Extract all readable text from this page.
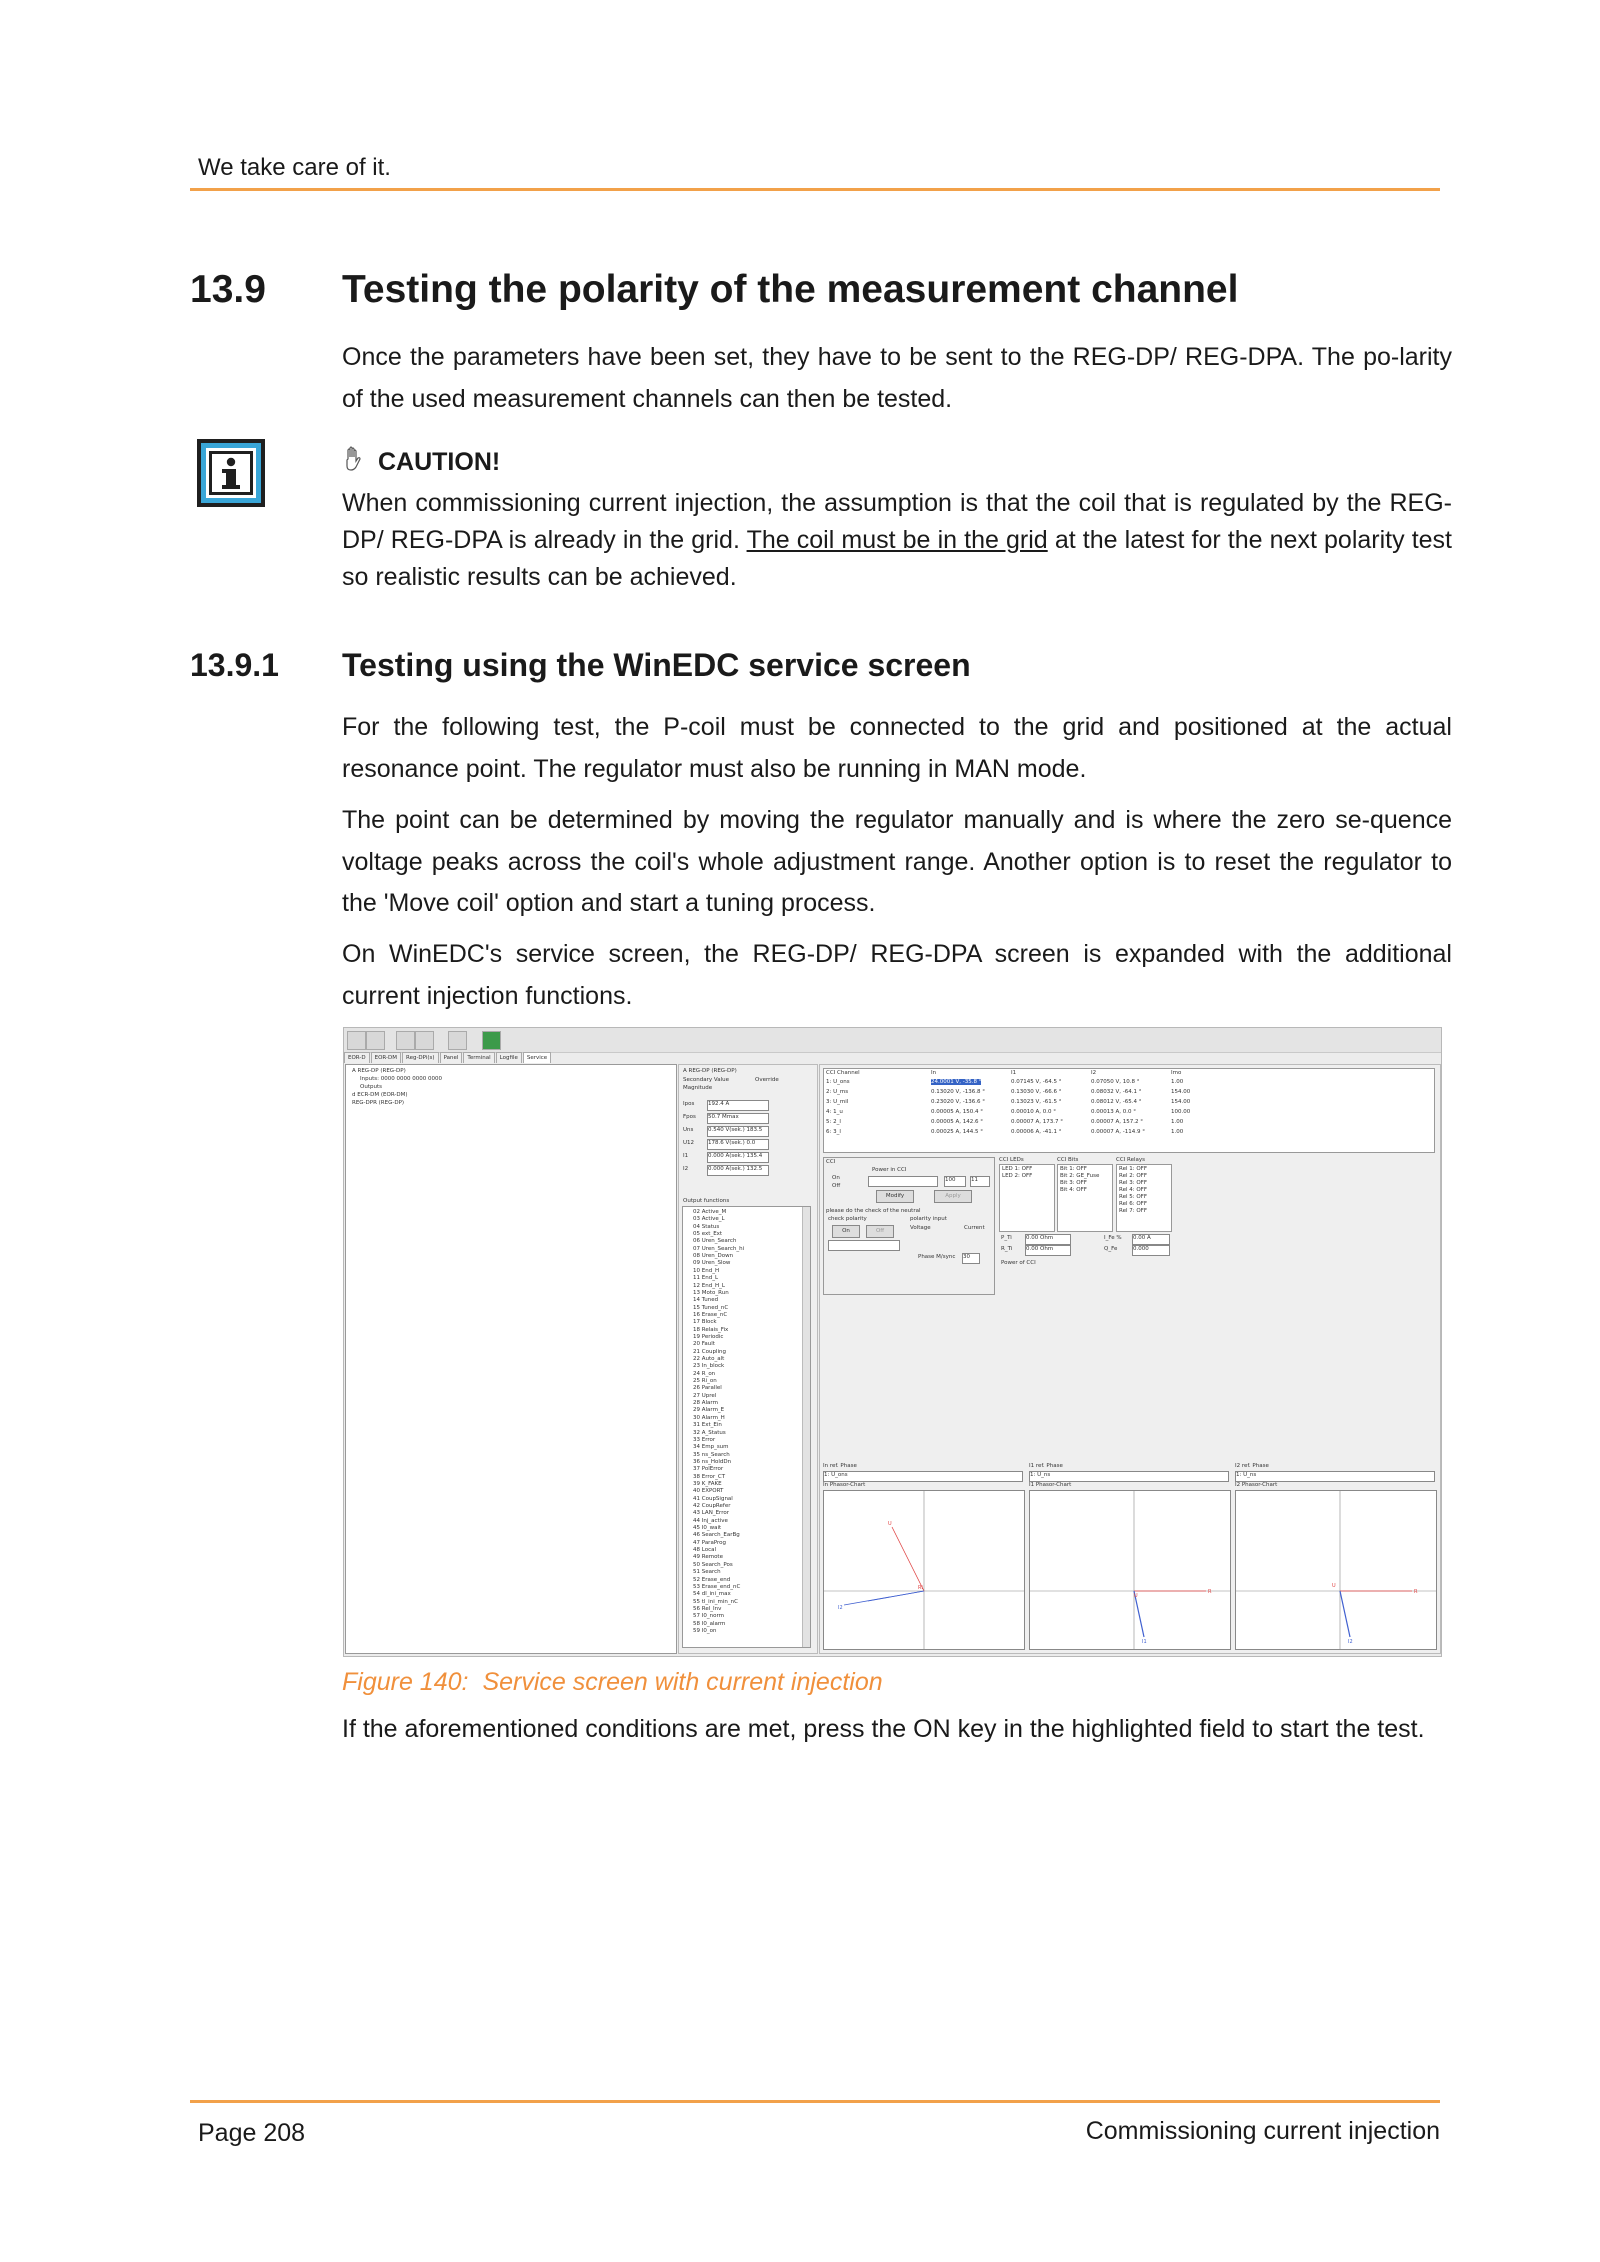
We take care of it.
13.9 Testing the polarity of the measurement channel
Once the parameters have been set, they have to be sent to the REG-DP/ REG-DPA. The po-larity of the used measurement channels can then be tested.
CAUTION!
When commissioning current injection, the assumption is that the coil that is regulated by the REG-DP/ REG-DPA is already in the grid. The coil must be in the grid at the latest for the next polarity test so realistic results can be achieved.
13.9.1 Testing using the WinEDC service screen
For the following test, the P-coil must be connected to the grid and positioned at the actual resonance point. The regulator must also be running in MAN mode.
The point can be determined by moving the regulator manually and is where the zero se-quence voltage peaks across the coil's whole adjustment range. Another option is to reset the regulator to the 'Move coil' option and start a tuning process.
On WinEDC's service screen, the REG-DP/ REG-DPA screen is expanded with the additional current injection functions.
EOR-D	EOR-DM	Reg-DPi(s)	Panel	Terminal	Logfile	Service
A REG-DP (REG-DP)
Inputs: 0000 0000 0000 0000
Outputs
d ECR-DM (EOR-DM)
REG-DPR (REG-DP)
A REG-DP (REG-DP)
Secondary Value	Override
Magnitude
Ipos 192.4 A
Fpos 50.7 Mmax
Uns	0.540 V(sek.) 183.5
U12	178.6 V(sek.) 0.0
I1	0.000 A(sek.) 135.4
I2	0.000 A(sek.) 132.5
Output functions
02 Active_M
03 Active_L
04 Status
05 ext_Ext
06 Uren_Search
07 Uren_Search_hi
08 Uren_Down
09 Uren_Slow
10 End_H
11 End_L
12 End_H_L
13 Moto_Run
14 Tuned
15 Tuned_nC
16 Erase_nC
17 Block
18 Relais_Fix
19 Periodic
20 Fault
21 Coupling
22 Auto_alt
23 In_block
24 R_on
25 Ri_on
26 Parallel
27 Uprel
28 Alarm
29 Alarm_E
30 Alarm_H
31 Ext_Ein
32 A_Status
33 Error
34 Emp_sum
35 ns_Search
36 ns_HoldDn
37 PolError
38 Error_CT
39 K_FAKE
40 EXPORT
41 CoupSignal
42 CoupRefer
43 LAN_Error
44 Inj_active
45 I0_wait
46 Search_EarBg
47 ParaProg
48 Local
49 Remote
50 Search_Pos
51 Search
52 Erase_end
53 Erase_end_nC
54 dl_ini_max
55 tl_ini_min_nC
56 Rel_Inv
57 I0_norm
58 I0_alarm
59 I0_on
CCI Channel	In	I1	I2	Imo
1: U_ons	24.0001 V, -35.8 °	0.07145 V, -64.5 °	0.07050 V, 10.8 °	1.00
2: U_ms	0.13020 V, -136.8 °	0.13030 V, -66.6 °	0.08032 V, -64.1 °	154.00
3: U_mil	0.23020 V, -136.6 °	0.13023 V, -61.5 °	0.08012 V, -65.4 °	154.00
4: 1_u	0.00005 A, 150.4 °	0.00010 A, 0.0 °	0.00013 A, 0.0 °	100.00
5: 2_l	0.00005 A, 142.6 °	0.00007 A, 173.7 °	0.00007 A, 157.2 °	1.00
6: 3_l	0.00025 A, 144.5 °	0.00006 A, -41.1 °	0.00007 A, -114.9 °	1.00
CCI
Power in CCI
On
Off
100	11
Modify	Apply
please do the check of the neutral
check polarity	polarity input
On	Off	Voltage	Current
Phase M/sync 30
CCI LEDs
LED 1: OFF
LED 2: OFF
CCI Bits
Bit 1: OFF
Bit 2: GE_Fuse
Bit 3: OFF
Bit 4: OFF
CCI Relays
Rel 1: OFF
Rel 2: OFF
Rel 3: OFF
Rel 4: OFF
Rel 5: OFF
Rel 6: OFF
Rel 7: OFF
P_Ti	0.00 Ohm
R_Ti 0.00 Ohm
I_Fe % 0.00 A
Q_Fe	0.000
Power of CCI
In ref. Phase
1: U_ons
In Phasor-Chart
I1 ref. Phase
1: U_ns
I1 Phasor-Chart
I2 ref. Phase
1: U_ns
I2 Phasor-Chart
U
I2
Ri
R
I1
U
R
I2
U
Figure 140: Service screen with current injection
If the aforementioned conditions are met, press the ON key in the highlighted field to start the test.
Page 208	Commissioning current injection
